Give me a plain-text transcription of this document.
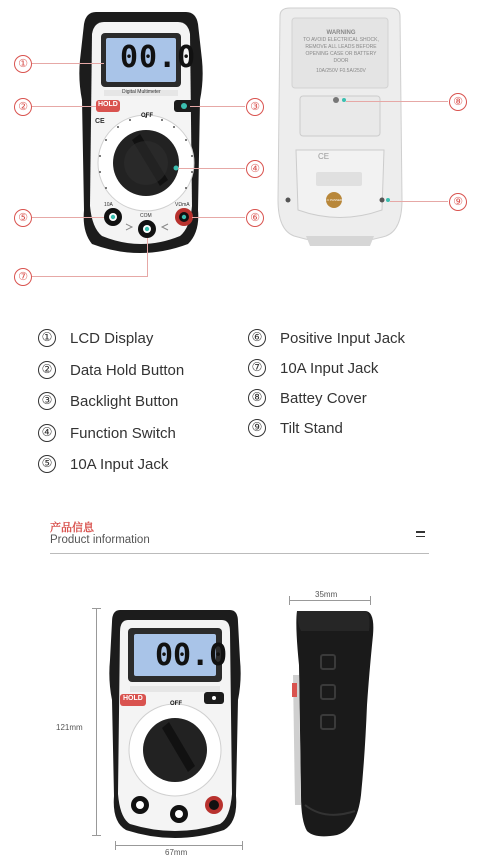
00.0
Digital Multimeter
HOLD
OFF
CE
10A
COM
VΩmA
WARNING
TO AVOID ELECTRICAL SHOCK,
REMOVE ALL LEADS BEFORE
OPENING CASE OR BATTERY DOOR
10A/250V F0.5A/250V
CE
Q.C PASSED
①
②	③
④
⑤	⑥
⑦
⑧
⑨
① LCD Display
② Data Hold Button
③ Backlight Button
④ Function Switch
⑤ 10A Input Jack
⑥ Positive Input Jack
⑦ 10A Input Jack
⑧ Battey Cover
⑨ Tilt Stand
产品信息
Product information
121mm
67mm
00.0
HOLD
OFF
35mm
